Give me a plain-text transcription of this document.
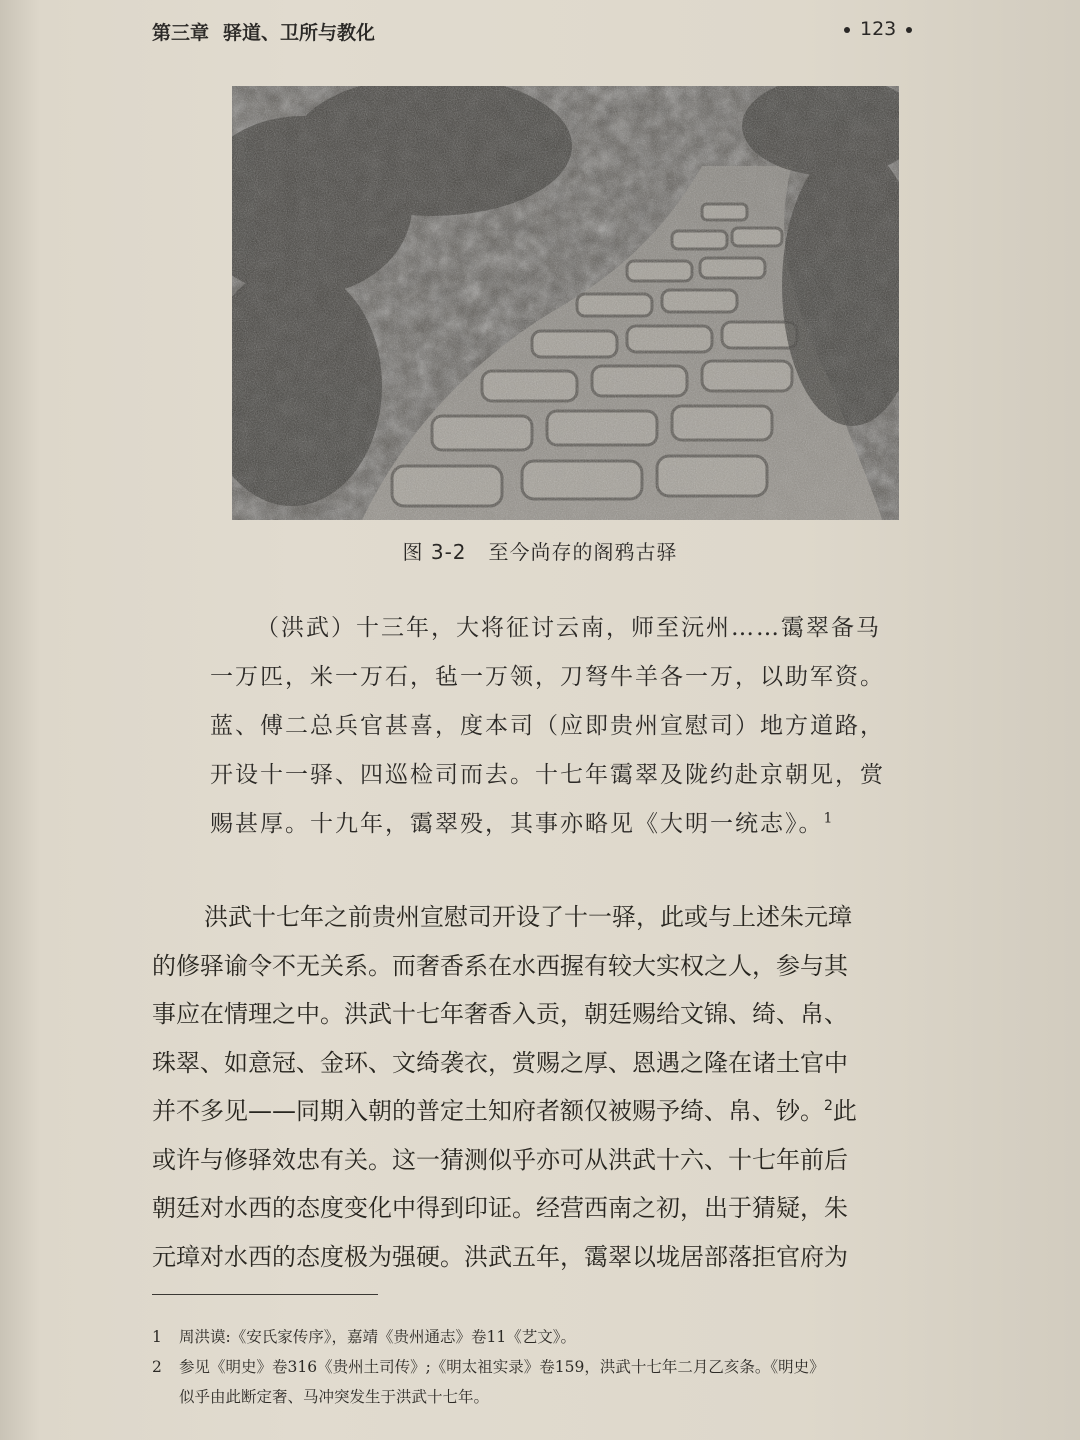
第三章 驿道、卫所与教化	123
图 3-2 至今尚存的阁鸦古驿
（洪武）十三年，大将征讨云南，师至沅州……霭翠备马
一万匹，米一万石，毡一万领，刀弩牛羊各一万，以助军资。
蓝、傅二总兵官甚喜，度本司（应即贵州宣慰司）地方道路，
开设十一驿、四巡检司而去。十七年霭翠及陇约赴京朝见，赏
赐甚厚。十九年，霭翠殁，其事亦略见《大明一统志》。$^1$
洪武十七年之前贵州宣慰司开设了十一驿，此或与上述朱元璋
的修驿谕令不无关系。而奢香系在水西握有较大实权之人，参与其
事应在情理之中。洪武十七年奢香入贡，朝廷赐给文锦、绮、帛、
珠翠、如意冠、金环、文绮袭衣，赏赐之厚、恩遇之隆在诸土官中
并不多见——同期入朝的普定土知府者额仅被赐予绮、帛、钞。$^2$此
或许与修驿效忠有关。这一猜测似乎亦可从洪武十六、十七年前后
朝廷对水西的态度变化中得到印证。经营西南之初，出于猜疑，朱
元璋对水西的态度极为强硬。洪武五年，霭翠以垅居部落拒官府为
1 周洪谟:《安氏家传序》，嘉靖《贵州通志》卷11《艺文》。
2 参见《明史》卷316《贵州土司传》;《明太祖实录》卷159，洪武十七年二月乙亥条。《明史》
似乎由此断定奢、马冲突发生于洪武十七年。
